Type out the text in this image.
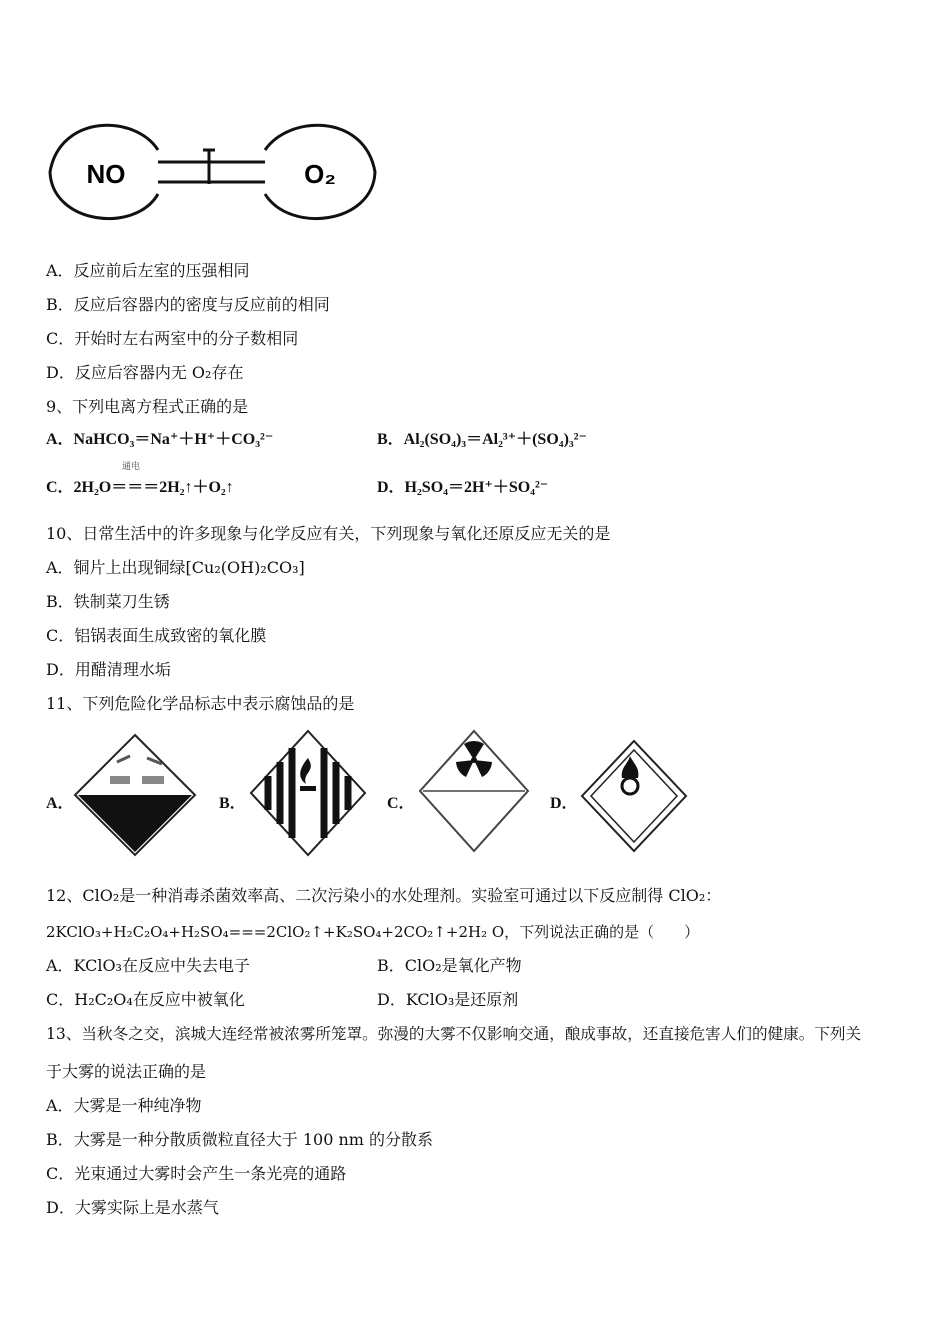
NO	O₂
A．反应前后左室的压强相同
B．反应后容器内的密度与反应前的相同
C．开始时左右两室中的分子数相同
D．反应后容器内无 O₂存在
9、下列电离方程式正确的是
A．NaHCO₃＝Na⁺＋H⁺＋CO₃²⁻	B．Al₂(SO₄)₃＝Al₂³⁺＋(SO₄)₃²⁻
通电
C．2H₂O＝＝＝2H₂↑＋O₂↑	D．H₂SO₄＝2H⁺＋SO₄²⁻
10、日常生活中的许多现象与化学反应有关，下列现象与氧化还原反应无关的是
A．铜片上出现铜绿[Cu₂(OH)₂CO₃]
B．铁制菜刀生锈
C．铝锅表面生成致密的氧化膜
D．用醋清理水垢
11、下列危险化学品标志中表示腐蚀品的是
A．	B．	C．	D．
12、ClO₂是一种消毒杀菌效率高、二次污染小的水处理剂。实验室可通过以下反应制得 ClO₂：
2KClO₃+H₂C₂O₄+H₂SO₄===2ClO₂↑+K₂SO₄+2CO₂↑+2H₂ O，下列说法正确的是（　　）
A．KClO₃在反应中失去电子	B．ClO₂是氧化产物
C．H₂C₂O₄在反应中被氧化	D．KClO₃是还原剂
13、当秋冬之交，滨城大连经常被浓雾所笼罩。弥漫的大雾不仅影响交通，酿成事故，还直接危害人们的健康。下列关
于大雾的说法正确的是
A．大雾是一种纯净物
B．大雾是一种分散质微粒直径大于 100 nm 的分散系
C．光束通过大雾时会产生一条光亮的通路
D．大雾实际上是水蒸气
